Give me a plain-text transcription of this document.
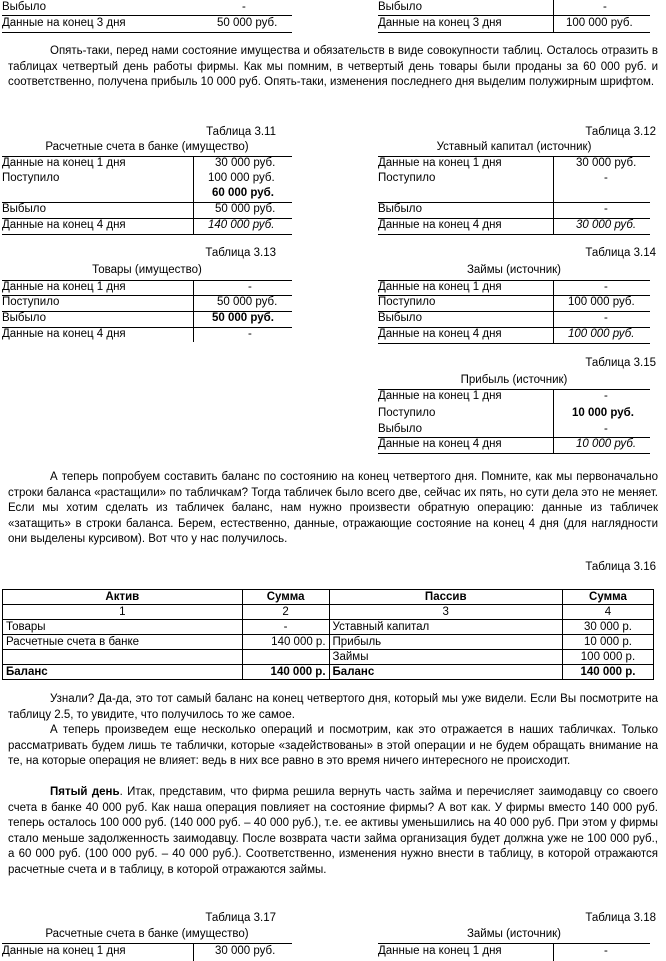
Выбыло	-
Данные на конец 3 дня	50 000 руб.
Выбыло	-
Данные на конец 3 дня	100 000 руб.

Опять-таки, перед нами состояние имущества и обязательств в виде совокупности таблиц. Осталось отразить в таблицах четвертый день работы фирмы. Как мы помним, в четвертый день товары были проданы за 60 000 руб. и соответственно, получена прибыль 10 000 руб. Опять-таки, изменения последнего дня выделим полужирным шрифтом.

Таблица 3.11
Расчетные счета в банке (имущество)
Данные на конец 1 дня	30 000 руб.
Поступило	100 000 руб.
60 000 руб.
Выбыло	50 000 руб.
Данные на конец 4 дня	140 000 руб.
Таблица 3.12
Уставный капитал (источник)
Данные на конец 1 дня	30 000 руб.
Поступило	-
Выбыло	-
Данные на конец 4 дня	30 000 руб.
Таблица 3.13
Товары (имущество)
Данные на конец 1 дня	-
Поступило	50 000 руб.
Выбыло	50 000 руб.
Данные на конец 4 дня	-
Таблица 3.14
Займы (источник)
Данные на конец 1 дня	-
Поступило	100 000 руб.
Выбыло	-
Данные на конец 4 дня	100 000 руб.
Таблица 3.15
Прибыль (источник)
Данные на конец 1 дня	-
Поступило	10 000 руб.
Выбыло	-
Данные на конец 4 дня	10 000 руб.

А теперь попробуем составить баланс по состоянию на конец четвертого дня. Помните, как мы первоначально строки баланса «растащили» по табличкам? Тогда табличек было всего две, сейчас их пять, но сути дела это не меняет. Если мы хотим сделать из табличек баланс, нам нужно произвести обратную операцию: данные из табличек «затащить» в строки баланса. Берем, естественно, данные, отражающие состояние на конец 4 дня (для наглядности они выделены курсивом). Вот что у нас получилось.

Таблица 3.16
Актив	Сумма	Пассив	Сумма
1	2	3	4
Товары	-	Уставный капитал	30 000 р.
Расчетные счета в банке	140 000 р.	Прибыль	10 000 р.
		Займы	100 000 р.
Баланс	140 000 р.	Баланс	140 000 р.

Узнали? Да-да, это тот самый баланс на конец четвертого дня, который мы уже видели. Если Вы посмотрите на таблицу 2.5, то увидите, что получилось то же самое.

А теперь произведем еще несколько операций и посмотрим, как это отражается в наших табличках. Только рассматривать будем лишь те таблички, которые «задействованы» в этой операции и не будем обращать внимание на те, на которые операция не влияет: ведь в них все равно в это время ничего интересного не происходит.

Пятый день. Итак, представим, что фирма решила вернуть часть займа и перечисляет заимодавцу со своего счета в банке 40 000 руб. Как наша операция повлияет на состояние фирмы? А вот как. У фирмы вместо 140 000 руб. теперь осталось 100 000 руб. (140 000 руб. – 40 000 руб.), т.е. ее активы уменьшились на 40 000 руб. При этом у фирмы стало меньше задолженность заимодавцу. После возврата части займа организация будет должна уже не 100 000 руб., а 60 000 руб. (100 000 руб. – 40 000 руб.). Соответственно, изменения нужно внести в таблицу, в которой отражаются расчетные счета и в таблицу, в которой отражаются займы.

Таблица 3.17
Расчетные счета в банке (имущество)
Данные на конец 1 дня	30 000 руб.
Таблица 3.18
Займы (источник)
Данные на конец 1 дня	-
